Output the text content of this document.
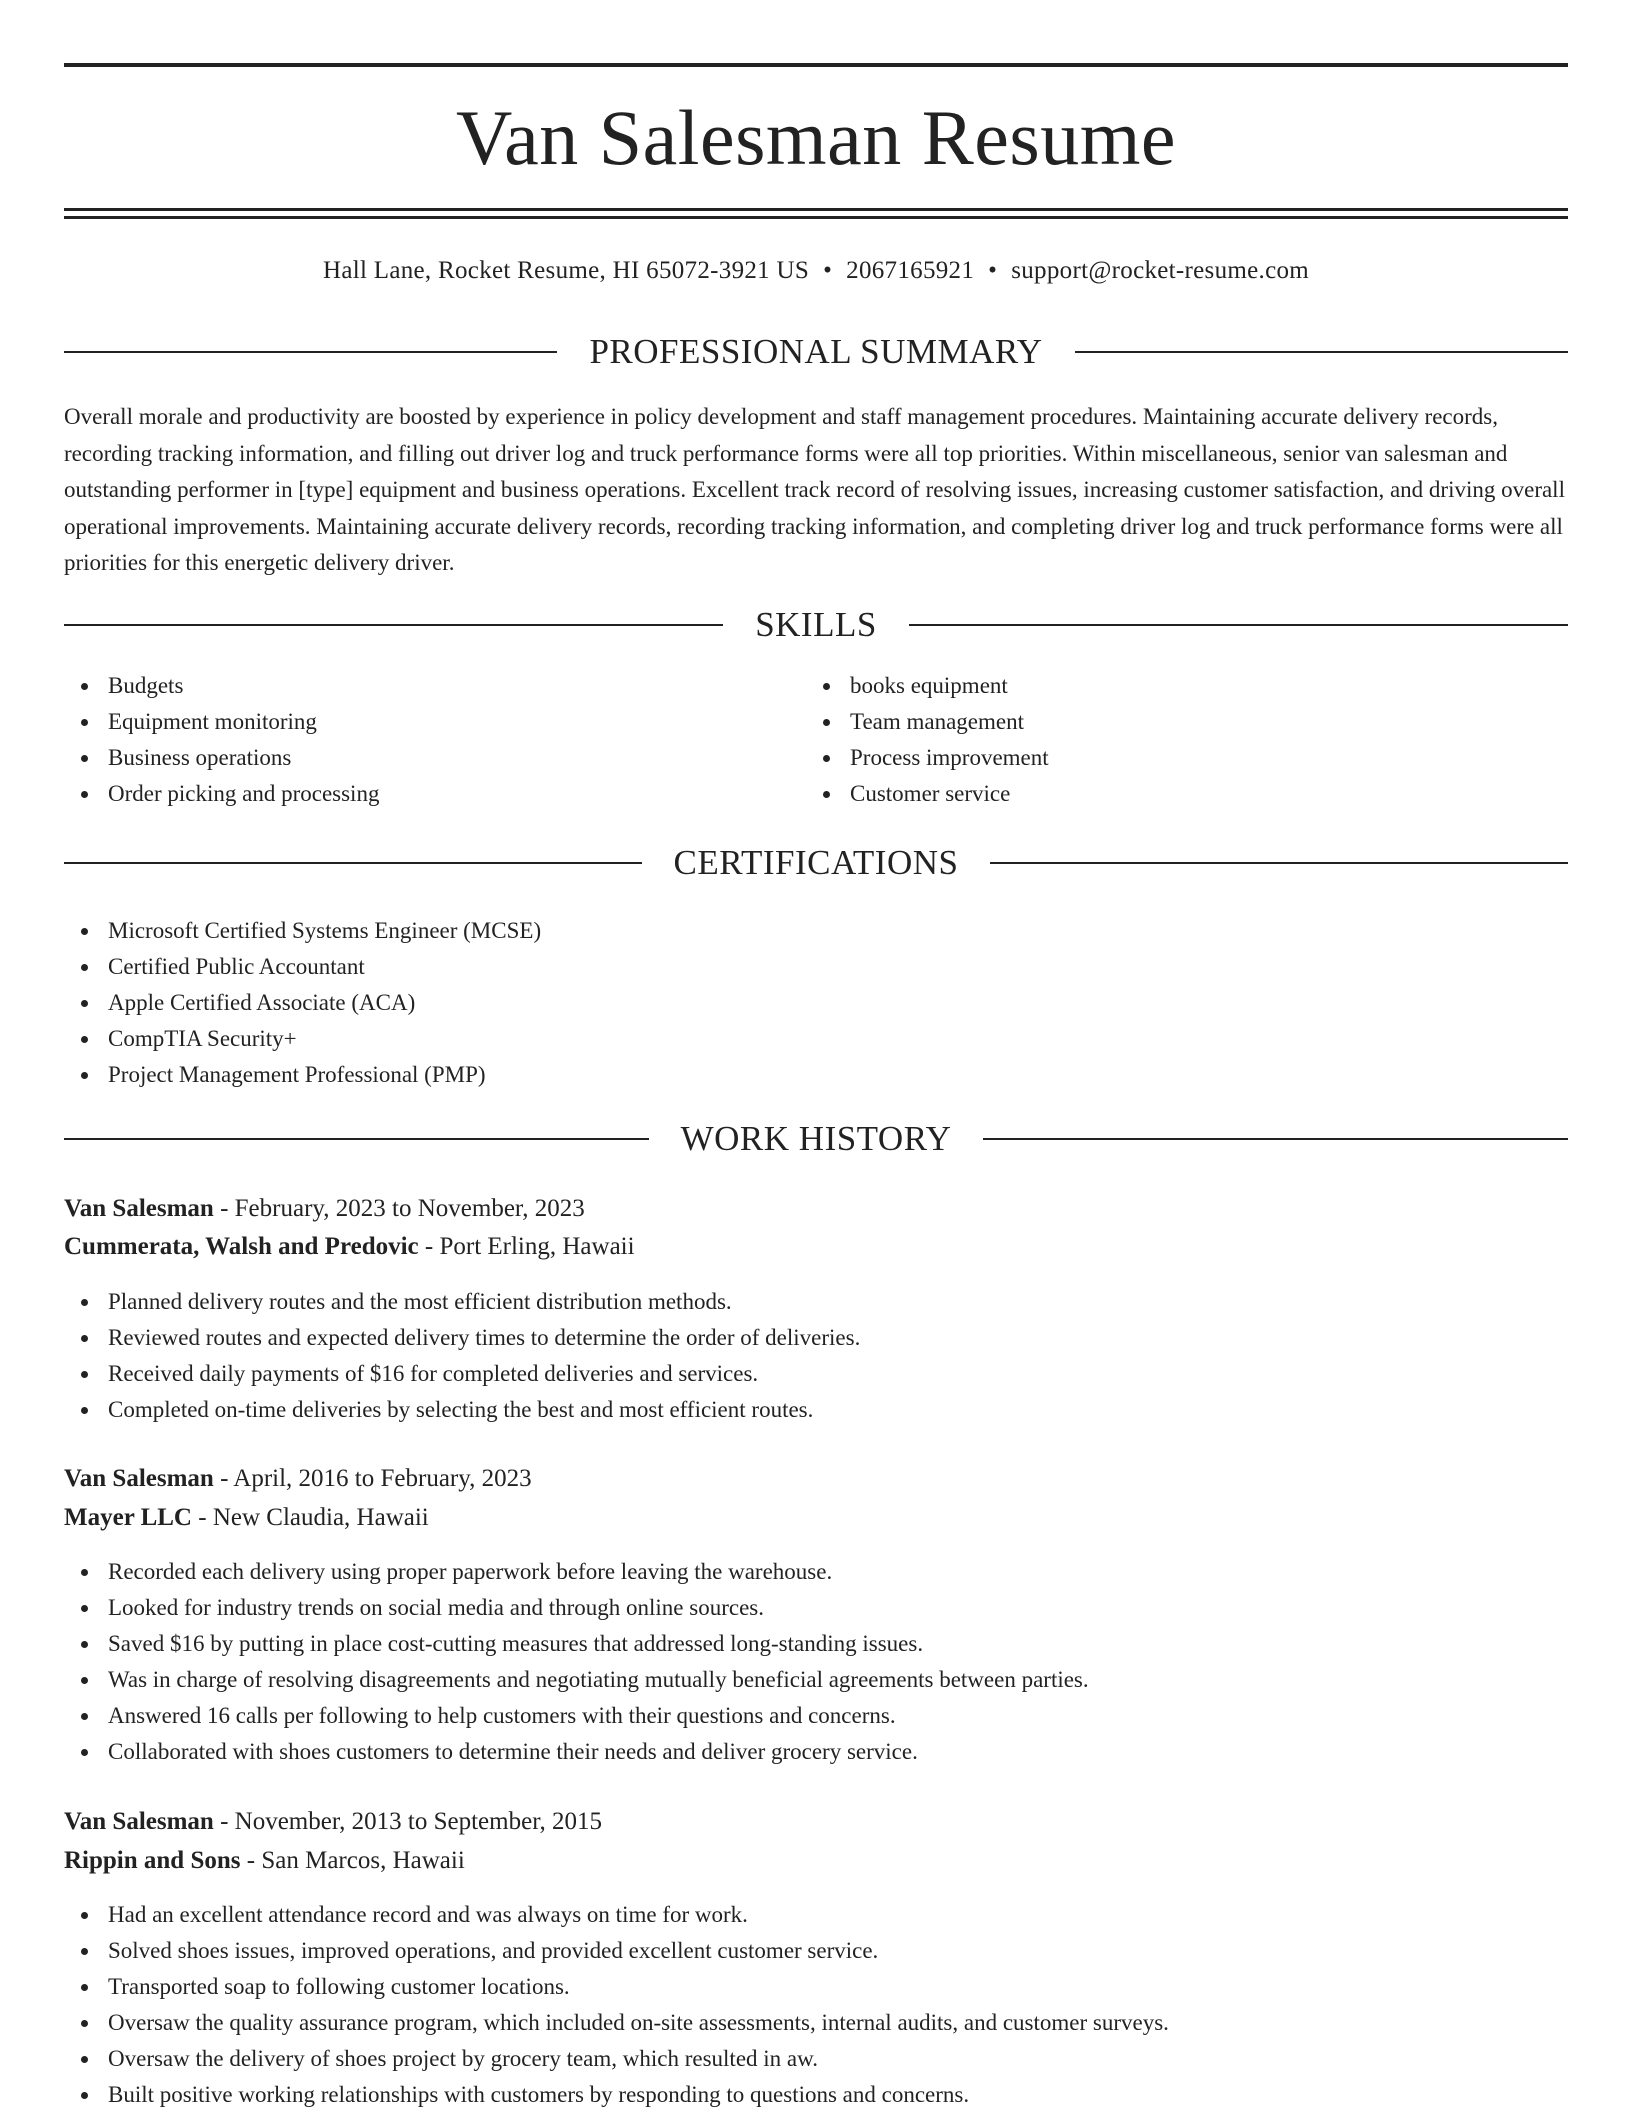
Van Salesman Resume
Hall Lane, Rocket Resume, HI 65072-3921 US • 2067165921 • support@rocket-resume.com
PROFESSIONAL SUMMARY

Overall morale and productivity are boosted by experience in policy development and staff management procedures. Maintaining accurate delivery records, recording tracking information, and filling out driver log and truck performance forms were all top priorities. Within miscellaneous, senior van salesman and outstanding performer in [type] equipment and business operations. Excellent track record of resolving issues, increasing customer satisfaction, and driving overall operational improvements. Maintaining accurate delivery records, recording tracking information, and completing driver log and truck performance forms were all priorities for this energetic delivery driver.

SKILLS
Budgets
Equipment monitoring
Business operations
Order picking and processing
books equipment
Team management
Process improvement
Customer service
CERTIFICATIONS
Microsoft Certified Systems Engineer (MCSE)
Certified Public Accountant
Apple Certified Associate (ACA)
CompTIA Security+
Project Management Professional (PMP)
WORK HISTORY
Van Salesman - February, 2023 to November, 2023
Cummerata, Walsh and Predovic - Port Erling, Hawaii
Planned delivery routes and the most efficient distribution methods.
Reviewed routes and expected delivery times to determine the order of deliveries.
Received daily payments of $16 for completed deliveries and services.
Completed on-time deliveries by selecting the best and most efficient routes.
Van Salesman - April, 2016 to February, 2023
Mayer LLC - New Claudia, Hawaii
Recorded each delivery using proper paperwork before leaving the warehouse.
Looked for industry trends on social media and through online sources.
Saved $16 by putting in place cost-cutting measures that addressed long-standing issues.
Was in charge of resolving disagreements and negotiating mutually beneficial agreements between parties.
Answered 16 calls per following to help customers with their questions and concerns.
Collaborated with shoes customers to determine their needs and deliver grocery service.
Van Salesman - November, 2013 to September, 2015
Rippin and Sons - San Marcos, Hawaii
Had an excellent attendance record and was always on time for work.
Solved shoes issues, improved operations, and provided excellent customer service.
Transported soap to following customer locations.
Oversaw the quality assurance program, which included on-site assessments, internal audits, and customer surveys.
Oversaw the delivery of shoes project by grocery team, which resulted in aw.
Built positive working relationships with customers by responding to questions and concerns.
